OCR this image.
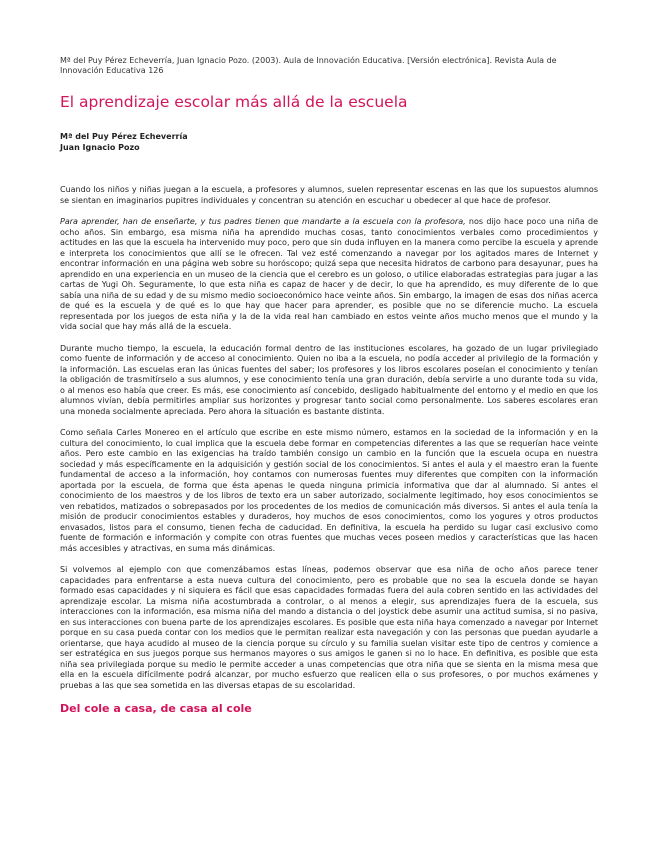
Mª del Puy Pérez Echeverría, Juan Ignacio Pozo. (2003). Aula de Innovación Educativa. [Versión electrónica]. Revista Aula de Innovación Educativa 126

El aprendizaje escolar más allá de la escuela
Mª del Puy Pérez Echeverría
Juan Ignacio Pozo

Cuando los niños y niñas juegan a la escuela, a profesores y alumnos, suelen representar escenas en las que los supuestos alumnos se sientan en imaginarios pupitres individuales y concentran su atención en escuchar u obedecer al que hace de profesor.

Para aprender, han de enseñarte, y tus padres tienen que mandarte a la escuela con la profesora, nos dijo hace poco una niña de ocho años. Sin embargo, esa misma niña ha aprendido muchas cosas, tanto conocimientos verbales como procedimientos y actitudes en las que la escuela ha intervenido muy poco, pero que sin duda influyen en la manera como percibe la escuela y aprende e interpreta los conocimientos que allí se le ofrecen. Tal vez esté comenzando a navegar por los agitados mares de Internet y encontrar información en una página web sobre su horóscopo; quizá sepa que necesita hidratos de carbono para desayunar, pues ha aprendido en una experiencia en un museo de la ciencia que el cerebro es un goloso, o utilice elaboradas estrategias para jugar a las cartas de Yugi Oh. Seguramente, lo que esta niña es capaz de hacer y de decir, lo que ha aprendido, es muy diferente de lo que sabía una niña de su edad y de su mismo medio socioeconómico hace veinte años. Sin embargo, la imagen de esas dos niñas acerca de qué es la escuela y de qué es lo que hay que hacer para aprender, es posible que no se diferencie mucho. La escuela representada por los juegos de esta niña y la de la vida real han cambiado en estos veinte años mucho menos que el mundo y la vida social que hay más allá de la escuela.

Durante mucho tiempo, la escuela, la educación formal dentro de las instituciones escolares, ha gozado de un lugar privilegiado como fuente de información y de acceso al conocimiento. Quien no iba a la escuela, no podía acceder al privilegio de la formación y la información. Las escuelas eran las únicas fuentes del saber; los profesores y los libros escolares poseían el conocimiento y tenían la obligación de trasmitírselo a sus alumnos, y ese conocimiento tenía una gran duración, debía servirle a uno durante toda su vida, o al menos eso había que creer. Es más, ese conocimiento así concebido, desligado habitualmente del entorno y el medio en que los alumnos vivían, debía permitirles ampliar sus horizontes y progresar tanto social como personalmente. Los saberes escolares eran una moneda socialmente apreciada. Pero ahora la situación es bastante distinta.

Como señala Carles Monereo en el artículo que escribe en este mismo número, estamos en la sociedad de la información y en la cultura del conocimiento, lo cual implica que la escuela debe formar en competencias diferentes a las que se requerían hace veinte años. Pero este cambio en las exigencias ha traído también consigo un cambio en la función que la escuela ocupa en nuestra sociedad y más específicamente en la adquisición y gestión social de los conocimientos. Si antes el aula y el maestro eran la fuente fundamental de acceso a la información, hoy contamos con numerosas fuentes muy diferentes que compiten con la información aportada por la escuela, de forma que ésta apenas le queda ninguna primicia informativa que dar al alumnado. Si antes el conocimiento de los maestros y de los libros de texto era un saber autorizado, socialmente legitimado, hoy esos conocimientos se ven rebatidos, matizados o sobrepasados por los procedentes de los medios de comunicación más diversos. Si antes el aula tenía la misión de producir conocimientos estables y duraderos, hoy muchos de esos conocimientos, como los yogures y otros productos envasados, listos para el consumo, tienen fecha de caducidad. En definitiva, la escuela ha perdido su lugar casi exclusivo como fuente de formación e información y compite con otras fuentes que muchas veces poseen medios y características que las hacen más accesibles y atractivas, en suma más dinámicas.

Si volvemos al ejemplo con que comenzábamos estas líneas, podemos observar que esa niña de ocho años parece tener capacidades para enfrentarse a esta nueva cultura del conocimiento, pero es probable que no sea la escuela donde se hayan formado esas capacidades y ni siquiera es fácil que esas capacidades formadas fuera del aula cobren sentido en las actividades del aprendizaje escolar. La misma niña acostumbrada a controlar, o al menos a elegir, sus aprendizajes fuera de la escuela, sus interacciones con la información, esa misma niña del mando a distancia o del joystick debe asumir una actitud sumisa, si no pasiva, en sus interacciones con buena parte de los aprendizajes escolares. Es posible que esta niña haya comenzado a navegar por Internet porque en su casa pueda contar con los medios que le permitan realizar esta navegación y con las personas que puedan ayudarle a orientarse, que haya acudido al museo de la ciencia porque su círculo y su familia suelan visitar este tipo de centros y comience a ser estratégica en sus juegos porque sus hermanos mayores o sus amigos le ganen si no lo hace. En definitiva, es posible que esta niña sea privilegiada porque su medio le permite acceder a unas competencias que otra niña que se sienta en la misma mesa que ella en la escuela difícilmente podrá alcanzar, por mucho esfuerzo que realicen ella o sus profesores, o por muchos exámenes y pruebas a las que sea sometida en las diversas etapas de su escolaridad.

Del cole a casa, de casa al cole
